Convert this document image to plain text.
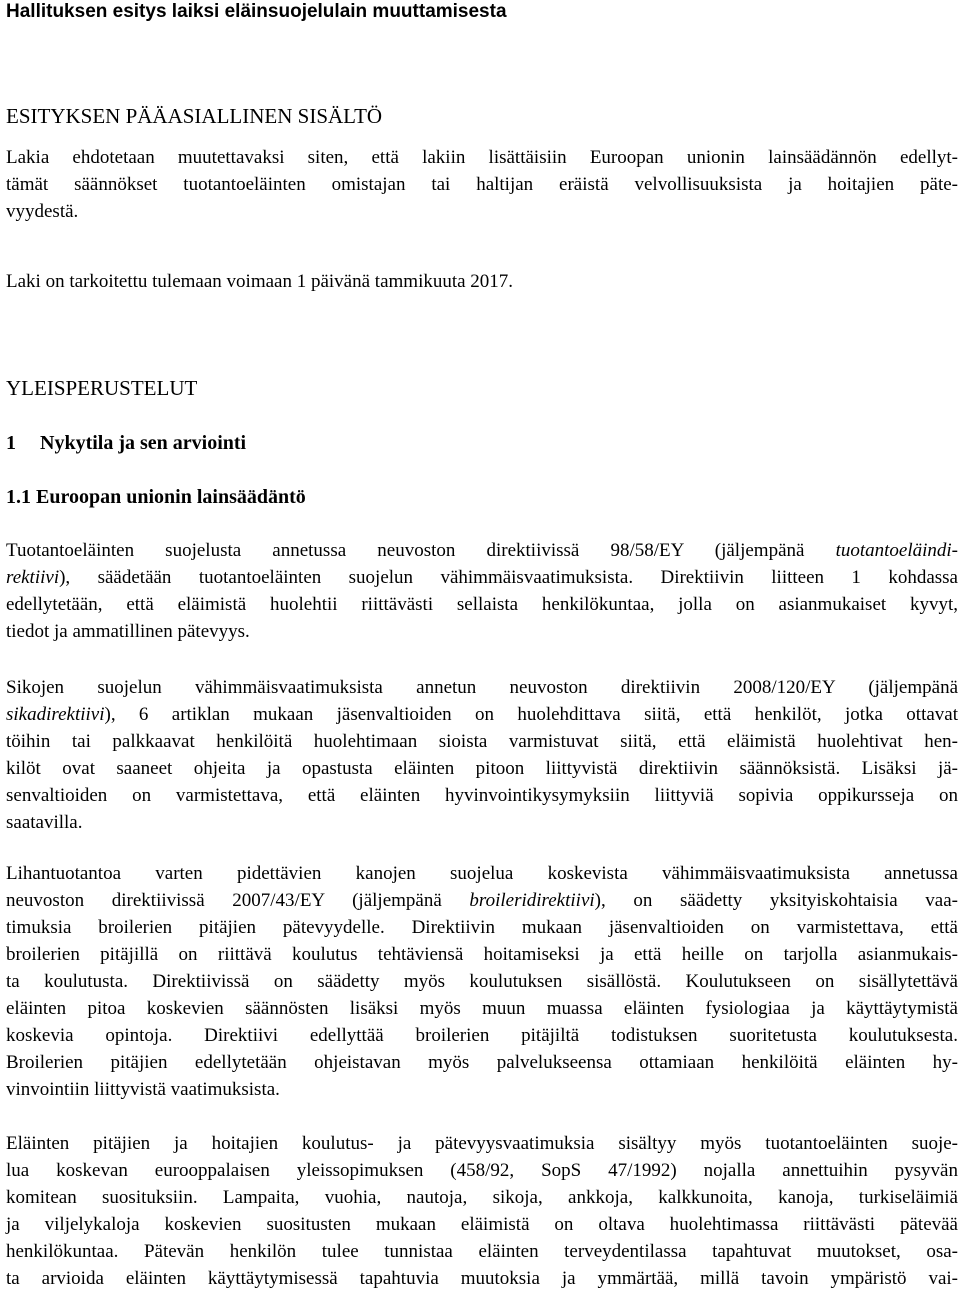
Hallituksen esitys laiksi eläinsuojelulain muuttamisesta
ESITYKSEN PÄÄASIALLINEN SISÄLTÖ
Lakia ehdotetaan muutettavaksi siten, että lakiin lisättäisiin Euroopan unionin lainsäädännön edellyt-
tämät säännökset tuotantoeläinten omistajan tai haltijan eräistä velvollisuuksista ja hoitajien päte-
vyydestä.
Laki on tarkoitettu tulemaan voimaan 1 päivänä tammikuuta 2017.
YLEISPERUSTELUT
1 Nykytila ja sen arviointi
1.1 Euroopan unionin lainsäädäntö
Tuotantoeläinten suojelusta annetussa neuvoston direktiivissä 98/58/EY (jäljempänä tuotantoeläindi-
rektiivi), säädetään tuotantoeläinten suojelun vähimmäisvaatimuksista. Direktiivin liitteen 1 kohdassa
edellytetään, että eläimistä huolehtii riittävästi sellaista henkilökuntaa, jolla on asianmukaiset kyvyt,
tiedot ja ammatillinen pätevyys.
Sikojen suojelun vähimmäisvaatimuksista annetun neuvoston direktiivin 2008/120/EY (jäljempänä
sikadirektiivi), 6 artiklan mukaan jäsenvaltioiden on huolehdittava siitä, että henkilöt, jotka ottavat
töihin tai palkkaavat henkilöitä huolehtimaan sioista varmistuvat siitä, että eläimistä huolehtivat hen-
kilöt ovat saaneet ohjeita ja opastusta eläinten pitoon liittyvistä direktiivin säännöksistä. Lisäksi jä-
senvaltioiden on varmistettava, että eläinten hyvinvointikysymyksiin liittyviä sopivia oppikursseja on
saatavilla.
Lihantuotantoa varten pidettävien kanojen suojelua koskevista vähimmäisvaatimuksista annetussa
neuvoston direktiivissä 2007/43/EY (jäljempänä broileridirektiivi), on säädetty yksityiskohtaisia vaa-
timuksia broilerien pitäjien pätevyydelle. Direktiivin mukaan jäsenvaltioiden on varmistettava, että
broilerien pitäjillä on riittävä koulutus tehtäviensä hoitamiseksi ja että heille on tarjolla asianmukais-
ta koulutusta. Direktiivissä on säädetty myös koulutuksen sisällöstä. Koulutukseen on sisällytettävä
eläinten pitoa koskevien säännösten lisäksi myös muun muassa eläinten fysiologiaa ja käyttäytymistä
koskevia opintoja. Direktiivi edellyttää broilerien pitäjiltä todistuksen suoritetusta koulutuksesta.
Broilerien pitäjien edellytetään ohjeistavan myös palvelukseensa ottamiaan henkilöitä eläinten hy-
vinvointiin liittyvistä vaatimuksista.
Eläinten pitäjien ja hoitajien koulutus- ja pätevyysvaatimuksia sisältyy myös tuotantoeläinten suoje-
lua koskevan eurooppalaisen yleissopimuksen (458/92, SopS 47/1992) nojalla annettuihin pysyvän
komitean suosituksiin. Lampaita, vuohia, nautoja, sikoja, ankkoja, kalkkunoita, kanoja, turkiseläimiä
ja viljelykaloja koskevien suositusten mukaan eläimistä on oltava huolehtimassa riittävästi pätevää
henkilökuntaa. Pätevän henkilön tulee tunnistaa eläinten terveydentilassa tapahtuvat muutokset, osa-
ta arvioida eläinten käyttäytymisessä tapahtuvia muutoksia ja ymmärtää, millä tavoin ympäristö vai-
